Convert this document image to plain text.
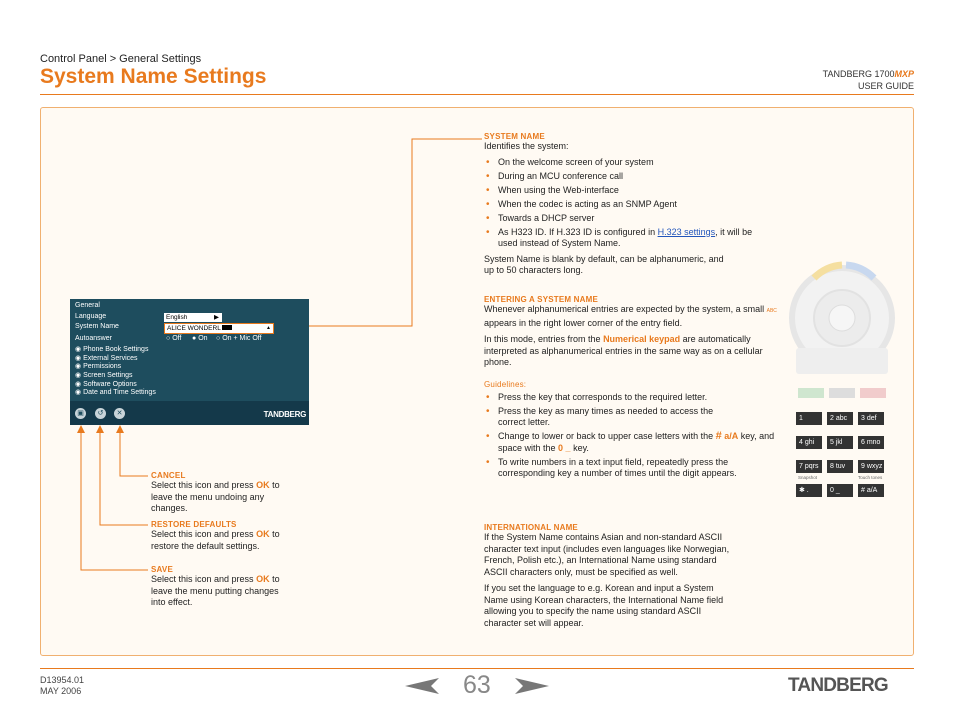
Control Panel > General Settings
System Name Settings	TANDBERG 1700MXP
USER GUIDE
General
Language	English	▶
System Name	ALICE WONDERL	▲
Autoanswer	○ Off ● On ○ On + Mic Off
◉ Phone Book Settings
◉ External Services
◉ Permissions
◉ Screen Settings
◉ Software Options
◉ Date and Time Settings
▣	↺	✕	TANDBERG
CANCEL
Select this icon and press OK to leave the menu undoing any changes.
RESTORE DEFAULTS
Select this icon and press OK to restore the default settings.
SAVE
Select this icon and press OK to leave the menu putting changes into effect.
SYSTEM NAME
Identifies the system:
• On the welcome screen of your system
• During an MCU conference call
• When using the Web-interface
• When the codec is acting as an SNMP Agent
• Towards a DHCP server
• As H323 ID. If H.323 ID is configured in H.323 settings, it will be used instead of System Name.
System Name is blank by default, can be alphanumeric, and up to 50 characters long.
ENTERING A SYSTEM NAME
Whenever alphanumerical entries are expected by the system, a small ABC appears in the right lower corner of the entry field.
In this mode, entries from the Numerical keypad are automatically interpreted as alphanumerical entries in the same way as on a cellular phone.
Guidelines:
• Press the key that corresponds to the required letter.
• Press the key as many times as needed to access the correct letter.
• Change to lower or back to upper case letters with the # a/A key, and space with the 0 _ key.
• To write numbers in a text input field, repeatedly press the corresponding key a number of times until the digit appears.
INTERNATIONAL NAME
If the System Name contains Asian and non-standard ASCII character text input (includes even languages like Norwegian, French, Polish etc.), an International Name using standard ASCII characters only, must be specified as well.
If you set the language to e.g. Korean and input a System Name using Korean characters, the International Name field allowing you to specify the name using standard ASCII character set will appear.
1	2 abc	3 def
4 ghi	5 jkl	6 mno
7 pqrs	8 tuv	9 wxyz
Snapshot	Touch tones
✱ .	0 _	# a/A
D13954.01
MAY 2006	63	TANDBERG
